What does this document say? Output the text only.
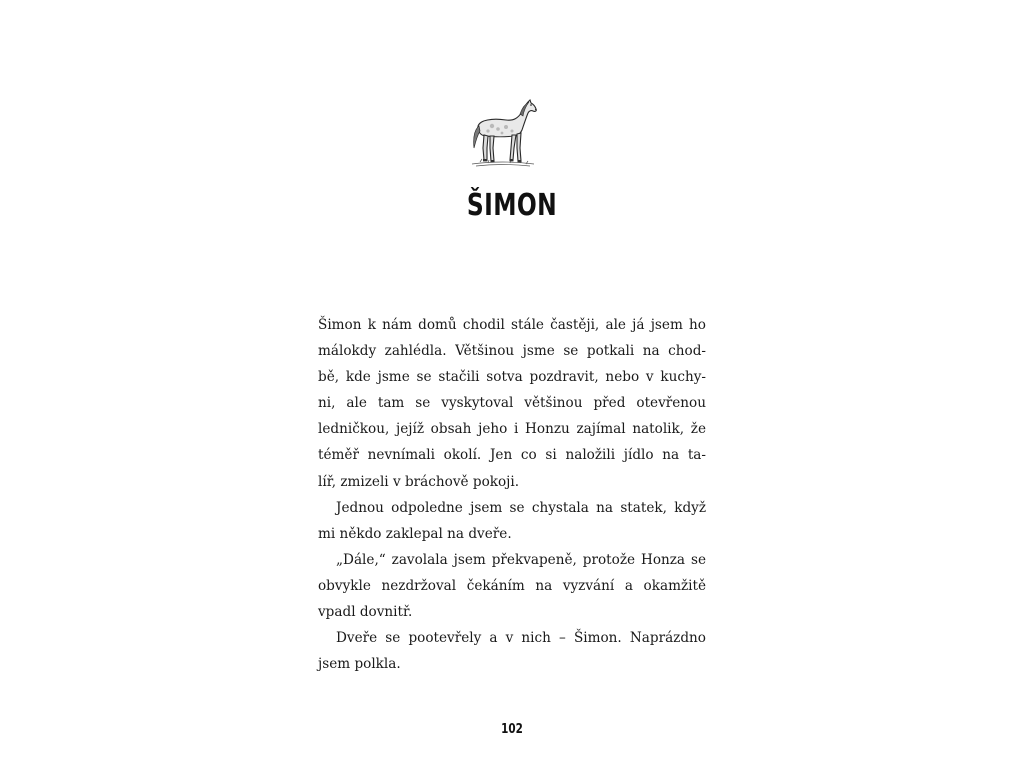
ŠIMON
Šimon k nám domů chodil stále častěji, ale já jsem ho
málokdy zahlédla. Většinou jsme se potkali na chod-
bě, kde jsme se stačili sotva pozdravit, nebo v kuchy-
ni, ale tam se vyskytoval většinou před otevřenou
ledničkou, jejíž obsah jeho i Honzu zajímal natolik, že
téměř nevnímali okolí. Jen co si naložili jídlo na ta-
líř, zmizeli v bráchově pokoji.
Jednou odpoledne jsem se chystala na statek, když
mi někdo zaklepal na dveře.
„Dále,“ zavolala jsem překvapeně, protože Honza se
obvykle nezdržoval čekáním na vyzvání a okamžitě
vpadl dovnitř.
Dveře se pootevřely a v nich – Šimon. Naprázdno
jsem polkla.
102
